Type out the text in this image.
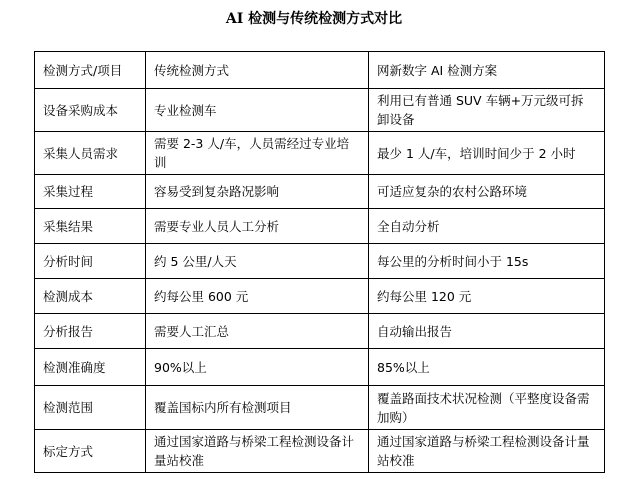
AI 检测与传统检测方式对比
检测方式/项目	传统检测方式	网新数字 AI 检测方案
设备采购成本	专业检测车	利用已有普通 SUV 车辆+万元级可拆卸设备
采集人员需求	需要 2-3 人/车，人员需经过专业培训	最少 1 人/车，培训时间少于 2 小时
采集过程	容易受到复杂路况影响	可适应复杂的农村公路环境
采集结果	需要专业人员人工分析	全自动分析
分析时间	约 5 公里/人天	每公里的分析时间小于 15s
检测成本	约每公里 600 元	约每公里 120 元
分析报告	需要人工汇总	自动输出报告
检测准确度	90%以上	85%以上
检测范围	覆盖国标内所有检测项目	覆盖路面技术状况检测（平整度设备需加购）
标定方式	通过国家道路与桥梁工程检测设备计量站校准	通过国家道路与桥梁工程检测设备计量站校准
